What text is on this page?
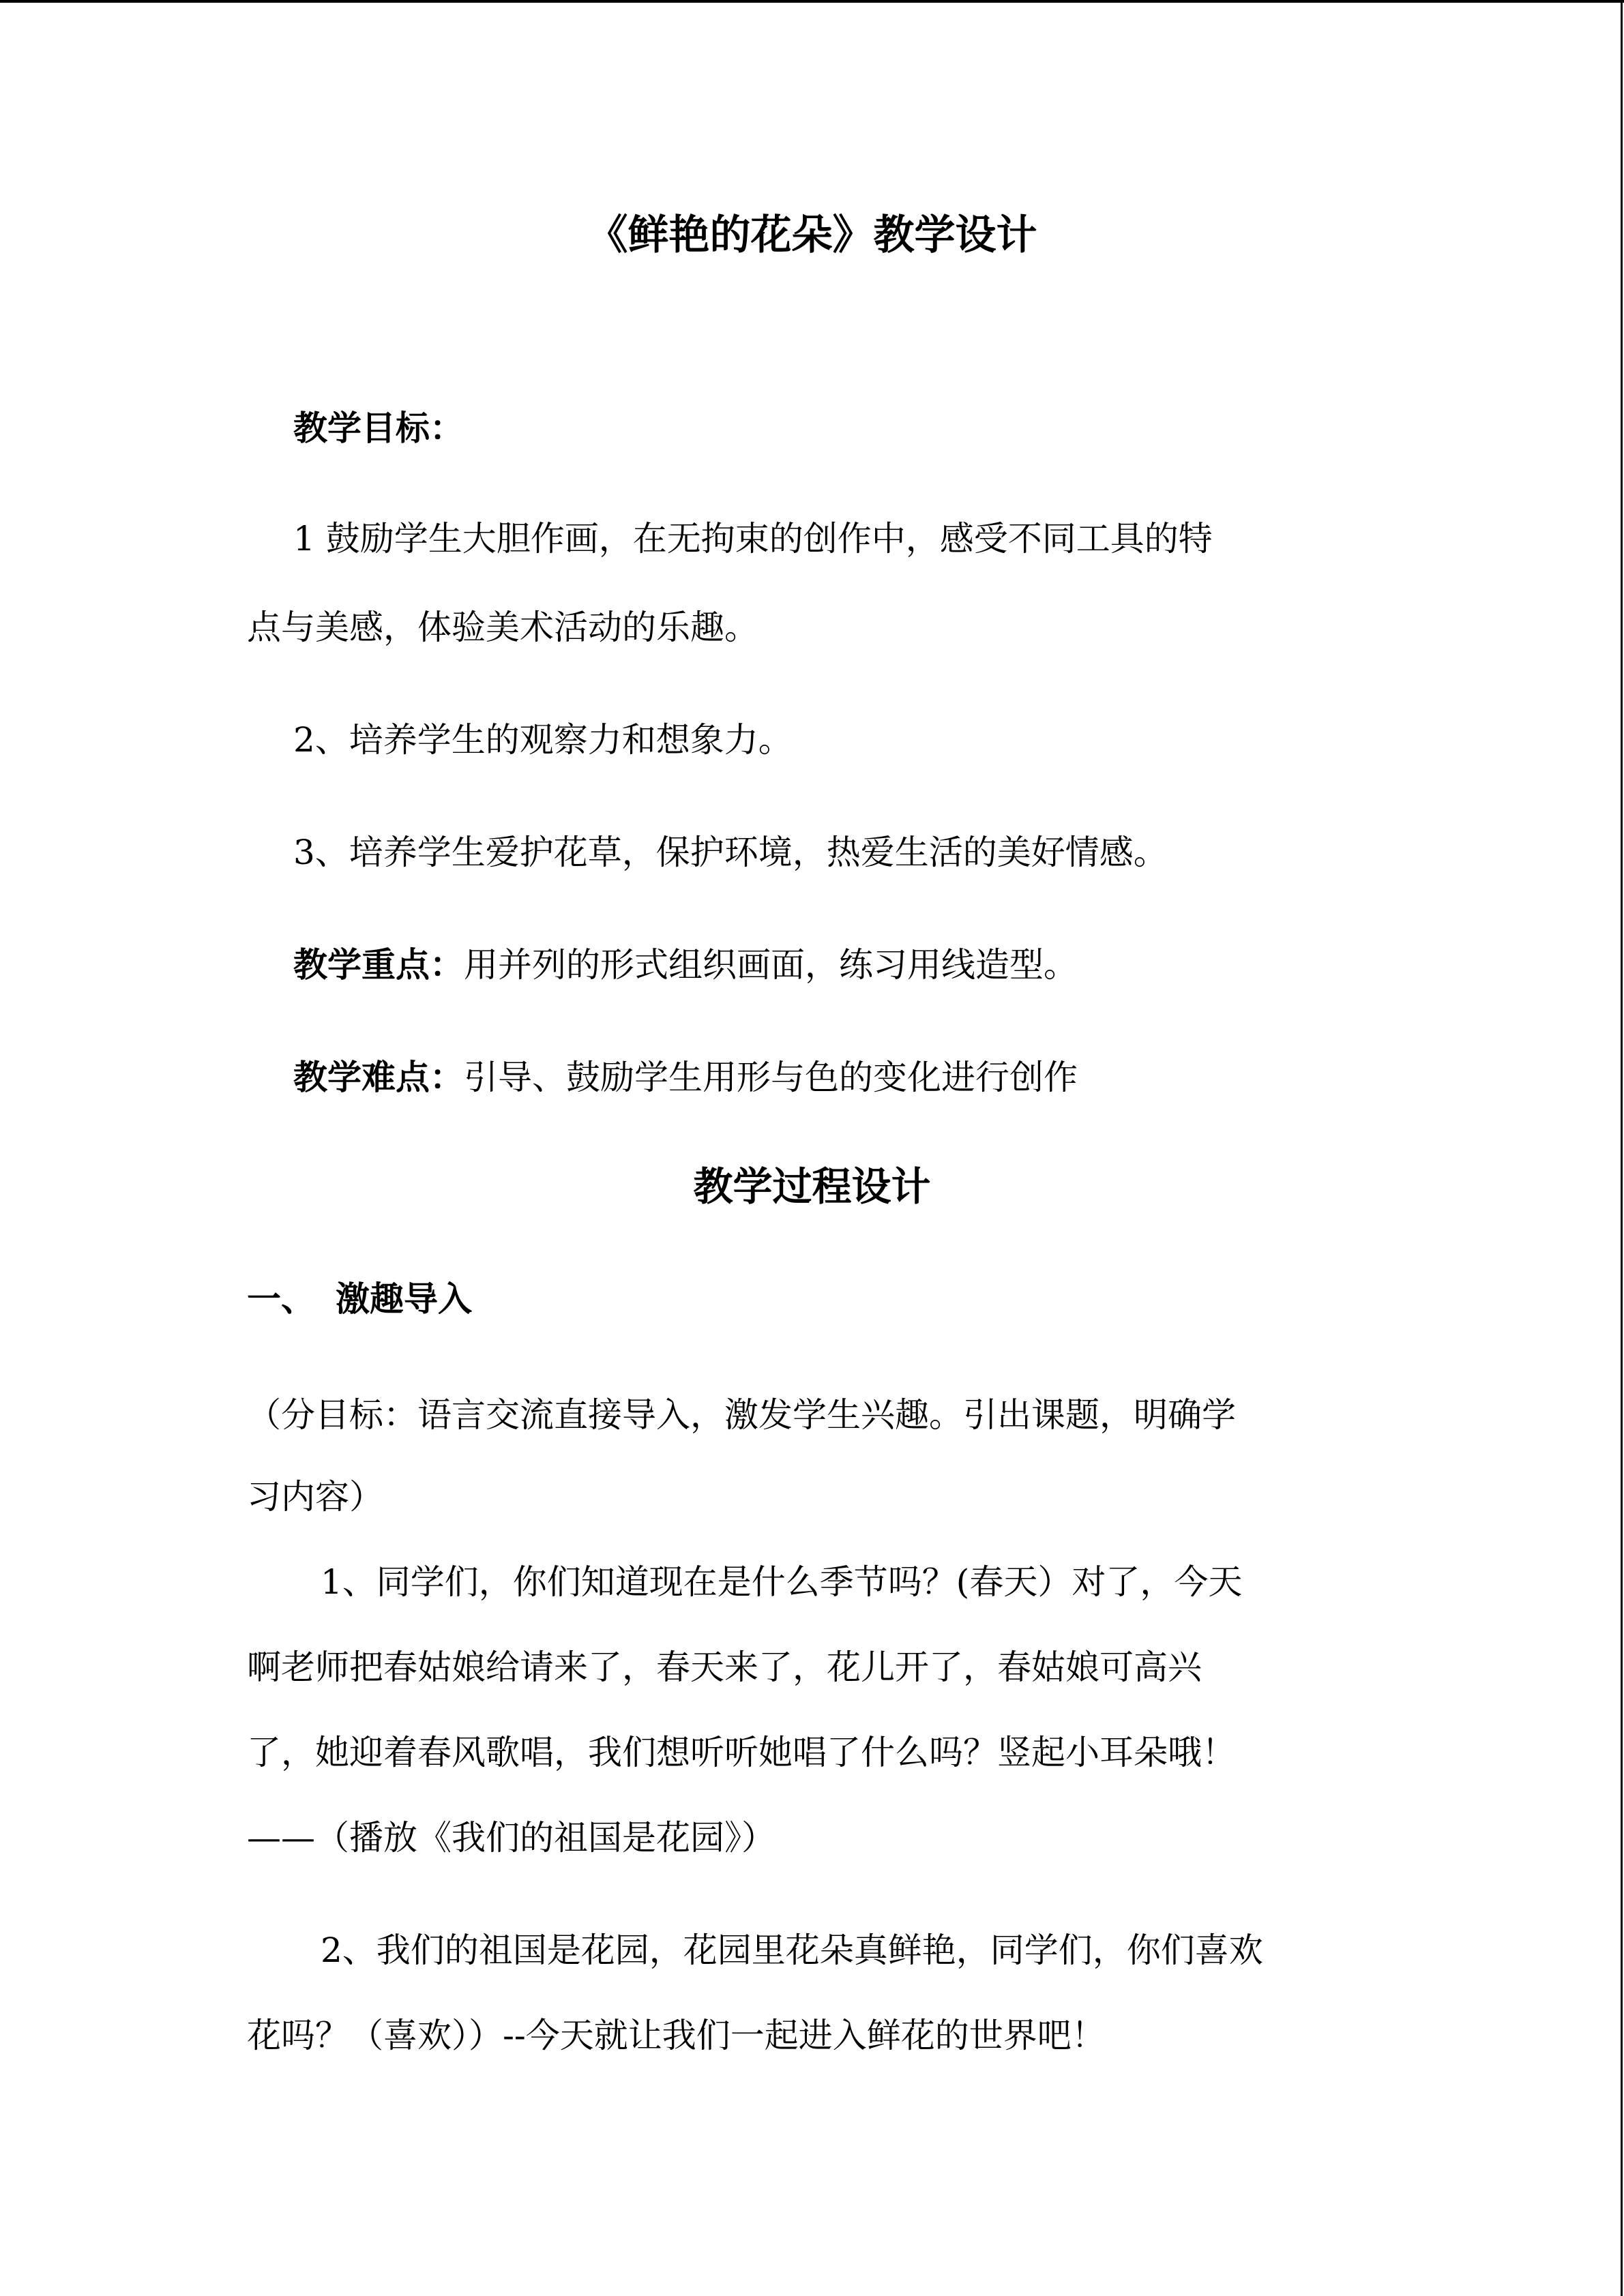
《鲜艳的花朵》教学设计
教学目标：
1 鼓励学生大胆作画，在无拘束的创作中，感受不同工具的特
点与美感，体验美术活动的乐趣。
2、培养学生的观察力和想象力。
3、培养学生爱护花草，保护环境，热爱生活的美好情感。
教学重点：用并列的形式组织画面，练习用线造型。
教学难点：引导、鼓励学生用形与色的变化进行创作
教学过程设计
一、 激趣导入
（分目标：语言交流直接导入，激发学生兴趣。引出课题，明确学
习内容）
1、同学们，你们知道现在是什么季节吗？(春天）对了，今天
啊老师把春姑娘给请来了，春天来了，花儿开了，春姑娘可高兴
了，她迎着春风歌唱，我们想听听她唱了什么吗？竖起小耳朵哦！
——（播放《我们的祖国是花园》）
2、我们的祖国是花园，花园里花朵真鲜艳，同学们，你们喜欢
花吗？（喜欢））--今天就让我们一起进入鲜花的世界吧！
